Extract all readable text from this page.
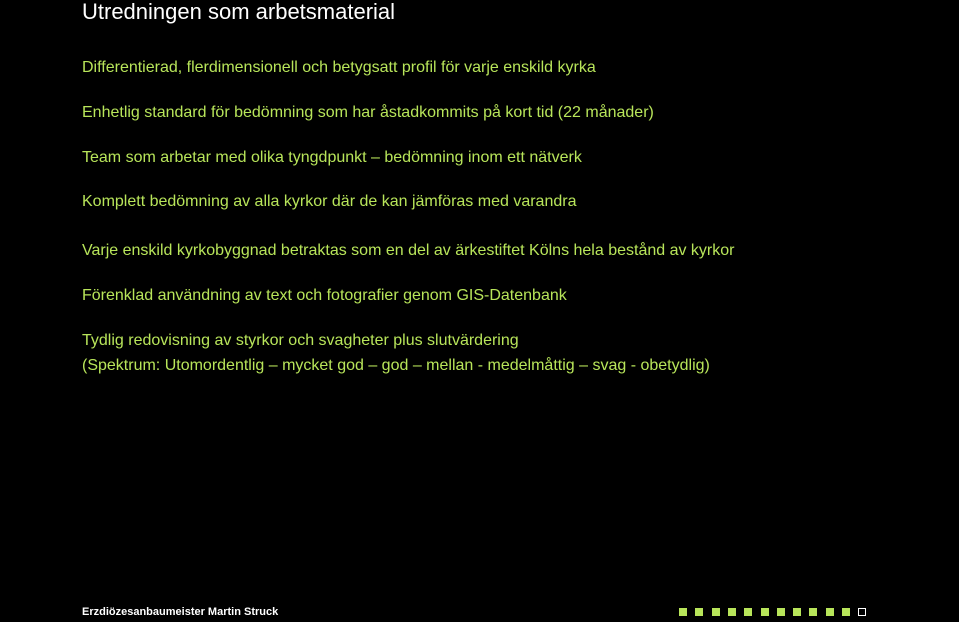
Utredningen som arbetsmaterial
Differentierad, flerdimensionell och betygsatt profil för varje enskild kyrka
Enhetlig standard för bedömning som har åstadkommits på kort tid (22 månader)
Team som arbetar med olika tyngdpunkt – bedömning inom ett nätverk
Komplett bedömning av alla kyrkor där de kan jämföras med varandra
Varje enskild kyrkobyggnad betraktas som en del av ärkestiftet Kölns hela bestånd av kyrkor
Förenklad användning av text och fotografier genom GIS-Datenbank
Tydlig redovisning av styrkor och svagheter plus slutvärdering
(Spektrum: Utomordentlig – mycket god – god – mellan - medelmåttig – svag - obetydlig)
Erzdiözesanbaumeister Martin Struck
